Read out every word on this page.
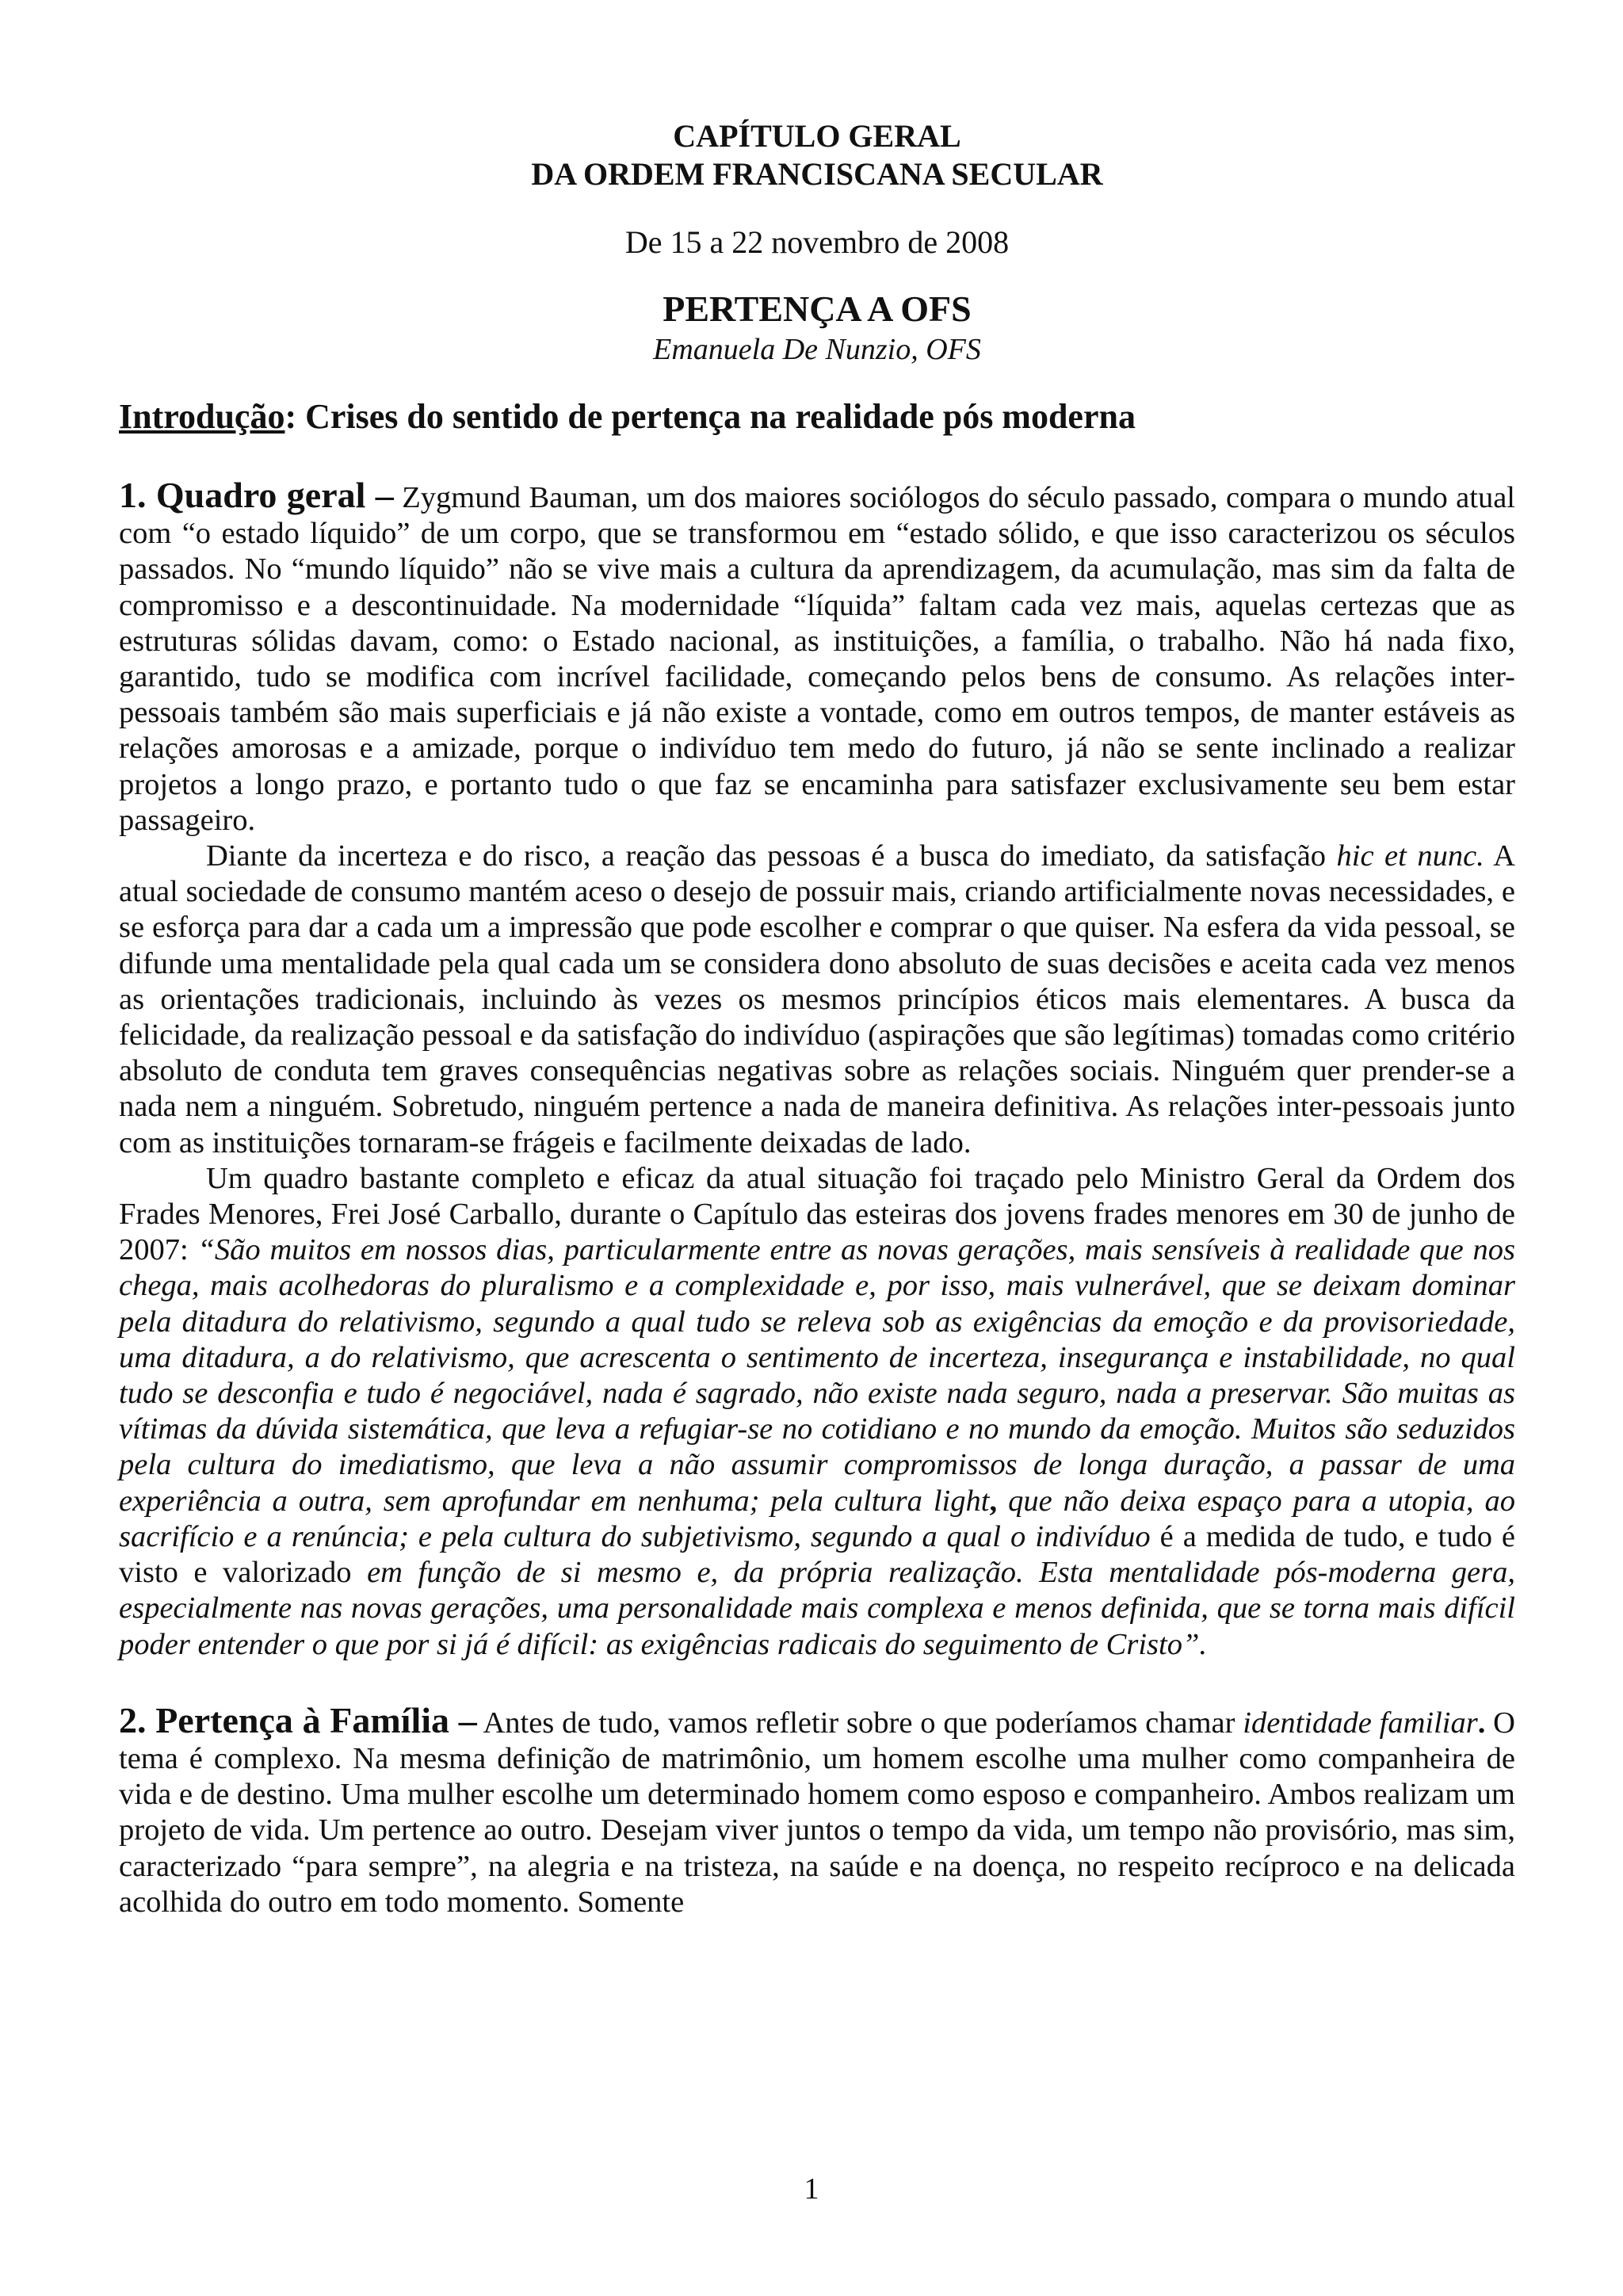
CAPÍTULO GERAL

DA ORDEM FRANCISCANA SECULAR

De 15 a 22 novembro de 2008

PERTENÇA A OFS

Emanuela De Nunzio, OFS

Introdução: Crises do sentido de pertença na realidade pós moderna

1. Quadro geral – Zygmund Bauman, um dos maiores sociólogos do século passado, compara o mundo atual com “o estado líquido” de um corpo, que se transformou em “estado sólido, e que isso caracterizou os séculos passados. No “mundo líquido” não se vive mais a cultura da aprendizagem, da acumulação, mas sim da falta de compromisso e a descontinuidade. Na modernidade “líquida” faltam cada vez mais, aquelas certezas que as estruturas sólidas davam, como: o Estado nacional, as instituições, a família, o trabalho. Não há nada fixo, garantido, tudo se modifica com incrível facilidade, começando pelos bens de consumo. As relações inter-pessoais também são mais superficiais e já não existe a vontade, como em outros tempos, de manter estáveis as relações amorosas e a amizade, porque o indivíduo tem medo do futuro, já não se sente inclinado a realizar projetos a longo prazo, e portanto tudo o que faz se encaminha para satisfazer exclusivamente seu bem estar passageiro.

Diante da incerteza e do risco, a reação das pessoas é a busca do imediato, da satisfação hic et nunc. A atual sociedade de consumo mantém aceso o desejo de possuir mais, criando artificialmente novas necessidades, e se esforça para dar a cada um a impressão que pode escolher e comprar o que quiser. Na esfera da vida pessoal, se difunde uma mentalidade pela qual cada um se considera dono absoluto de suas decisões e aceita cada vez menos as orientações tradicionais, incluindo às vezes os mesmos princípios éticos mais elementares. A busca da felicidade, da realização pessoal e da satisfação do indivíduo (aspirações que são legítimas) tomadas como critério absoluto de conduta tem graves consequências negativas sobre as relações sociais. Ninguém quer prender-se a nada nem a ninguém. Sobretudo, ninguém pertence a nada de maneira definitiva. As relações inter-pessoais junto com as instituições tornaram-se frágeis e facilmente deixadas de lado.

Um quadro bastante completo e eficaz da atual situação foi traçado pelo Ministro Geral da Ordem dos Frades Menores, Frei José Carballo, durante o Capítulo das esteiras dos jovens frades menores em 30 de junho de 2007: “São muitos em nossos dias, particularmente entre as novas gerações, mais sensíveis à realidade que nos chega, mais acolhedoras do pluralismo e a complexidade e, por isso, mais vulnerável, que se deixam dominar pela ditadura do relativismo, segundo a qual tudo se releva sob as exigências da emoção e da provisoriedade, uma ditadura, a do relativismo, que acrescenta o sentimento de incerteza, insegurança e instabilidade, no qual tudo se desconfia e tudo é negociável, nada é sagrado, não existe nada seguro, nada a preservar. São muitas as vítimas da dúvida sistemática, que leva a refugiar-se no cotidiano e no mundo da emoção. Muitos são seduzidos pela cultura do imediatismo, que leva a não assumir compromissos de longa duração, a passar de uma experiência a outra, sem aprofundar em nenhuma; pela cultura light, que não deixa espaço para a utopia, ao sacrifício e a renúncia; e pela cultura do subjetivismo, segundo a qual o indivíduo é a medida de tudo, e tudo é visto e valorizado em função de si mesmo e, da própria realização. Esta mentalidade pós-moderna gera, especialmente nas novas gerações, uma personalidade mais complexa e menos definida, que se torna mais difícil poder entender o que por si já é difícil: as exigências radicais do seguimento de Cristo”.

2. Pertença à Família – Antes de tudo, vamos refletir sobre o que poderíamos chamar identidade familiar. O tema é complexo. Na mesma definição de matrimônio, um homem escolhe uma mulher como companheira de vida e de destino. Uma mulher escolhe um determinado homem como esposo e companheiro. Ambos realizam um projeto de vida. Um pertence ao outro. Desejam viver juntos o tempo da vida, um tempo não provisório, mas sim, caracterizado “para sempre”, na alegria e na tristeza, na saúde e na doença, no respeito recíproco e na delicada acolhida do outro em todo momento. Somente

1
